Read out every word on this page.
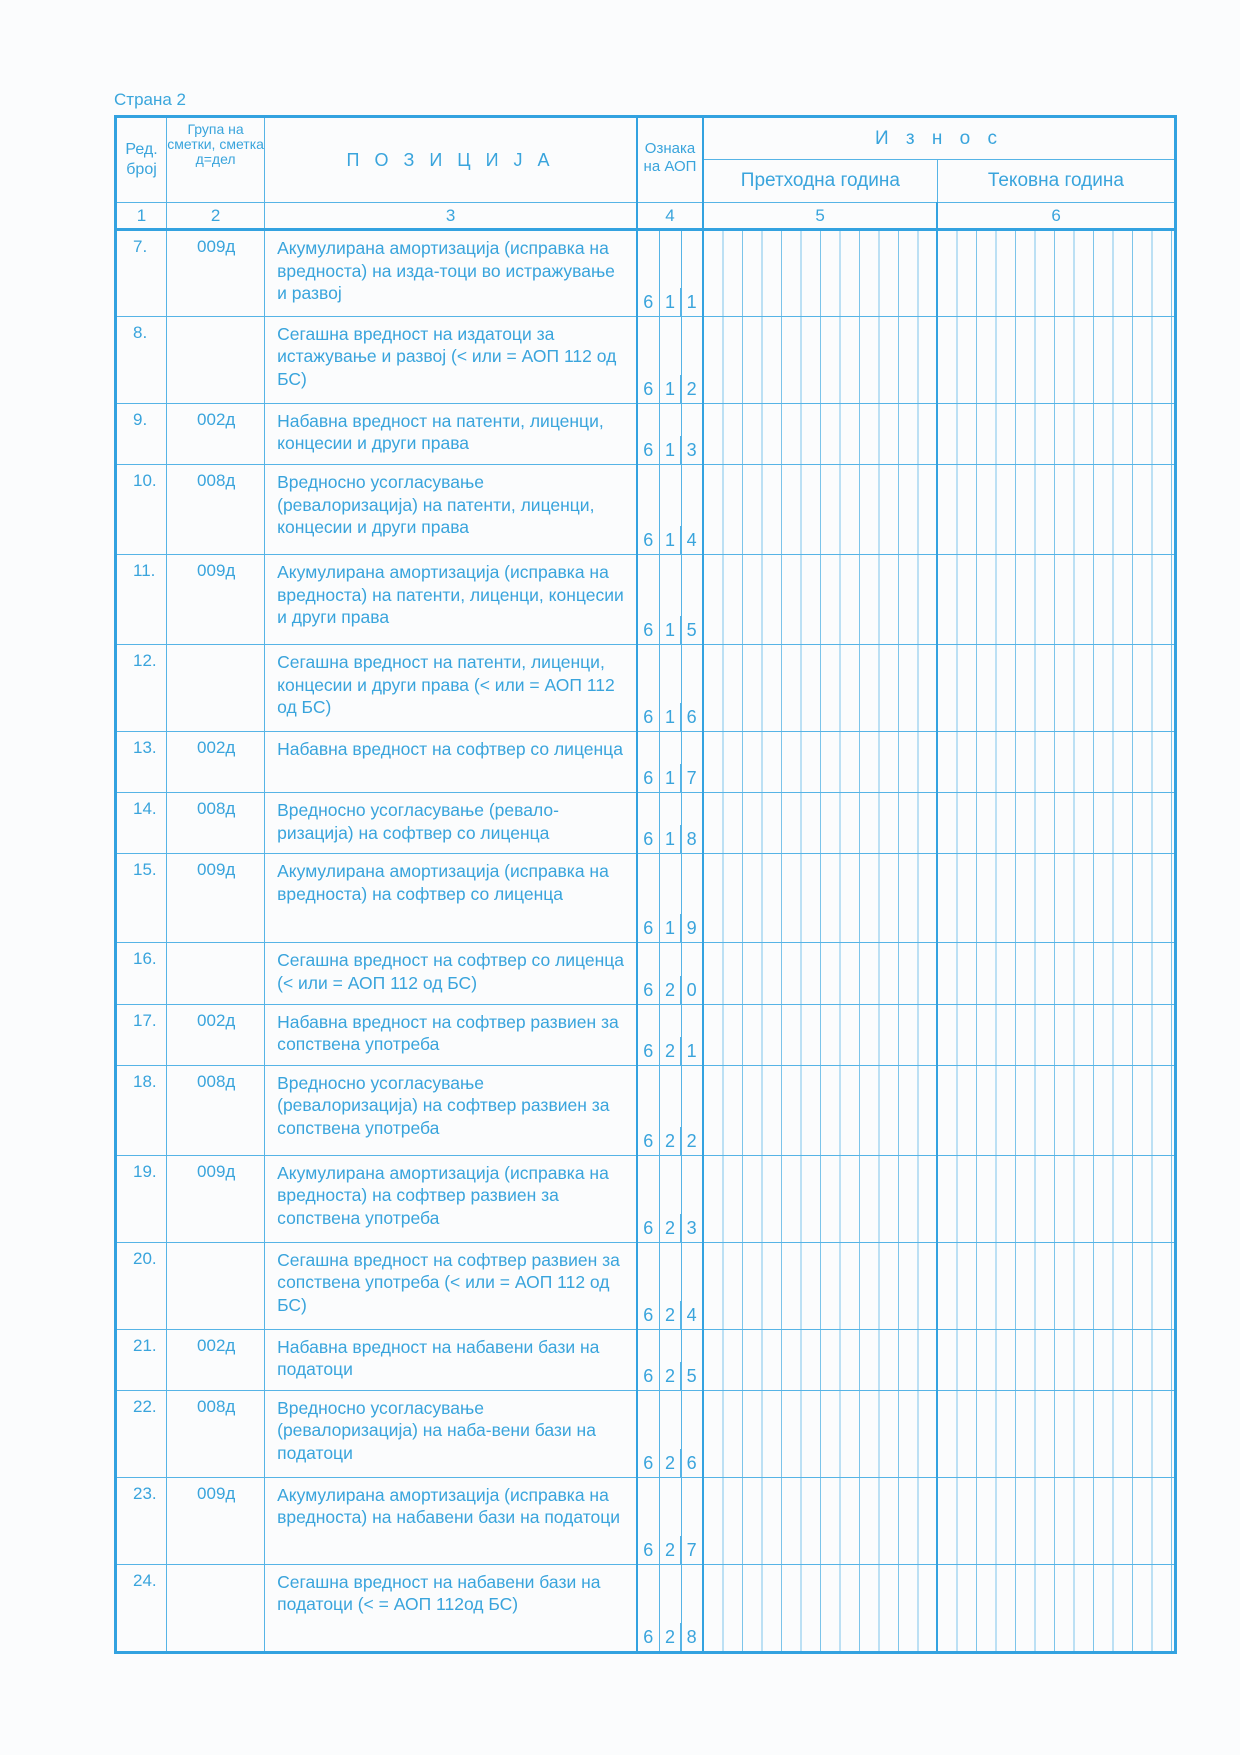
Страна 2
Ред. број	Група на сметки, сметка д=дел	П О З И Ц И Ј А	Ознака на АОП	И з н о с	
				Претходна година	Тековна година
1	2	3	4	5	6
7.	009д	Акумулирана амортизација (исправка на вредноста) на изда-тоци во истражување и развој	6 1 1		

8.		Сегашна вредност на издатоци за истажување и развој (< или = АОП 112 од БС)	6 1 2		

9.	002д	Набавна вредност на патенти, лиценци, концесии и други права	6 1 3		

10.	008д	Вредносно усогласување (ревалоризација) на патенти, лиценци, концесии и други права	6 1 4		

11.	009д	Акумулирана амортизација (исправка на вредноста) на патенти, лиценци, концесии и други права	6 1 5		

12.		Сегашна вредност на патенти, лиценци, концесии и други права (< или = АОП 112 од БС)	6 1 6		

13.	002д	Набавна вредност на софтвер со лиценца	6 1 7		

14.	008д	Вредносно усогласување (ревало-ризација) на софтвер со лиценца	6 1 8		

15.	009д	Акумулирана амортизација (исправка на вредноста) на софтвер со лиценца	6 1 9		

16.		Сегашна вредност на софтвер со лиценца (< или = АОП 112 од БС)	6 2 0		

17.	002д	Набавна вредност на софтвер развиен за сопствена употреба	6 2 1		

18.	008д	Вредносно усогласување (ревалоризација) на софтвер развиен за сопствена употреба	6 2 2		

19.	009д	Акумулирана амортизација (исправка на вредноста) на софтвер развиен за сопствена употреба	6 2 3		

20.		Сегашна вредност на софтвер развиен за сопствена употреба (< или = АОП 112 од БС)	6 2 4		

21.	002д	Набавна вредност на набавени бази на податоци	6 2 5		

22.	008д	Вредносно усогласување (ревалоризација) на наба-вени бази на податоци	6 2 6		

23.	009д	Акумулирана амортизација (исправка на вредноста) на набавени бази на податоци	6 2 7		

24.		Сегашна вредност на набавени бази на податоци (< = АОП 112од БС)	6 2 8		
